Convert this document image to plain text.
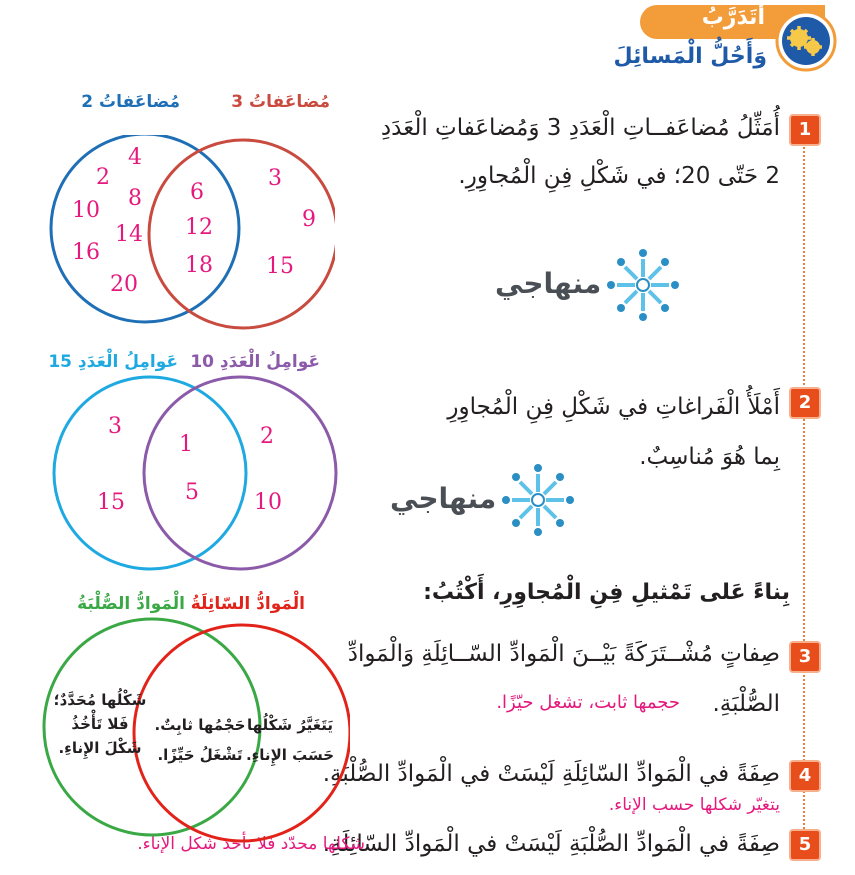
أَتَدَرَّبُ
وَأَحُلُّ الْمَسائِلَ
1
أُمَثِّلُ مُضاعَفــاتِ الْعَدَدِ 3 وَمُضاعَفاتِ الْعَدَدِ
2 حَتّى 20؛ في شَكْلِ فِنِ الْمُجاوِرِ.
منهاجي
مُضاعَفاتُ 2	مُضاعَفاتُ 3
4
2
8
10
14
16
20
6
12
18
3
9
15
2
أَمْلَأُ الْفَراغاتِ في شَكْلِ فِنِ الْمُجاوِرِ
بِما هُوَ مُناسِبٌ.
منهاجي
عَوامِلُ الْعَدَدِ 15 عَوامِلُ الْعَدَدِ 10
3
15
1
5
2
10
بِناءً عَلى تَمْثيلِ فِنِ الْمُجاوِرِ، أَكْتُبُ:
3
صِفاتٍ مُشْــتَرَكَةً بَيْــنَ الْمَوادِّ السّــائِلَةِ وَالْمَوادِّ
الصُّلْبَةِ.
حجمها ثابت، تشغل حيّزًا.
4
صِفَةً في الْمَوادِّ السّائِلَةِ لَيْسَتْ في الْمَوادِّ الصُّلْبَةِ.
يتغيّر شكلها حسب الإناء.
5
صِفَةً في الْمَوادِّ الصُّلْبَةِ لَيْسَتْ في الْمَوادِّ السّائِلَةِ.
شكلها محدّد فلا تأخذ شكل الإناء.
الْمَوادُّ الصُّلْبَةُ الْمَوادُّ السّائِلَةُ
شَكْلُها مُحَدَّدٌ؛
فَلا تَأْخُذُ
شَكْلَ الإِناءِ.
حَجْمُها ثابِتٌ.
تَشْغَلُ حَيِّزًا.
يَتَغَيَّرُ شَكْلُها
حَسَبَ الإِناءِ.
